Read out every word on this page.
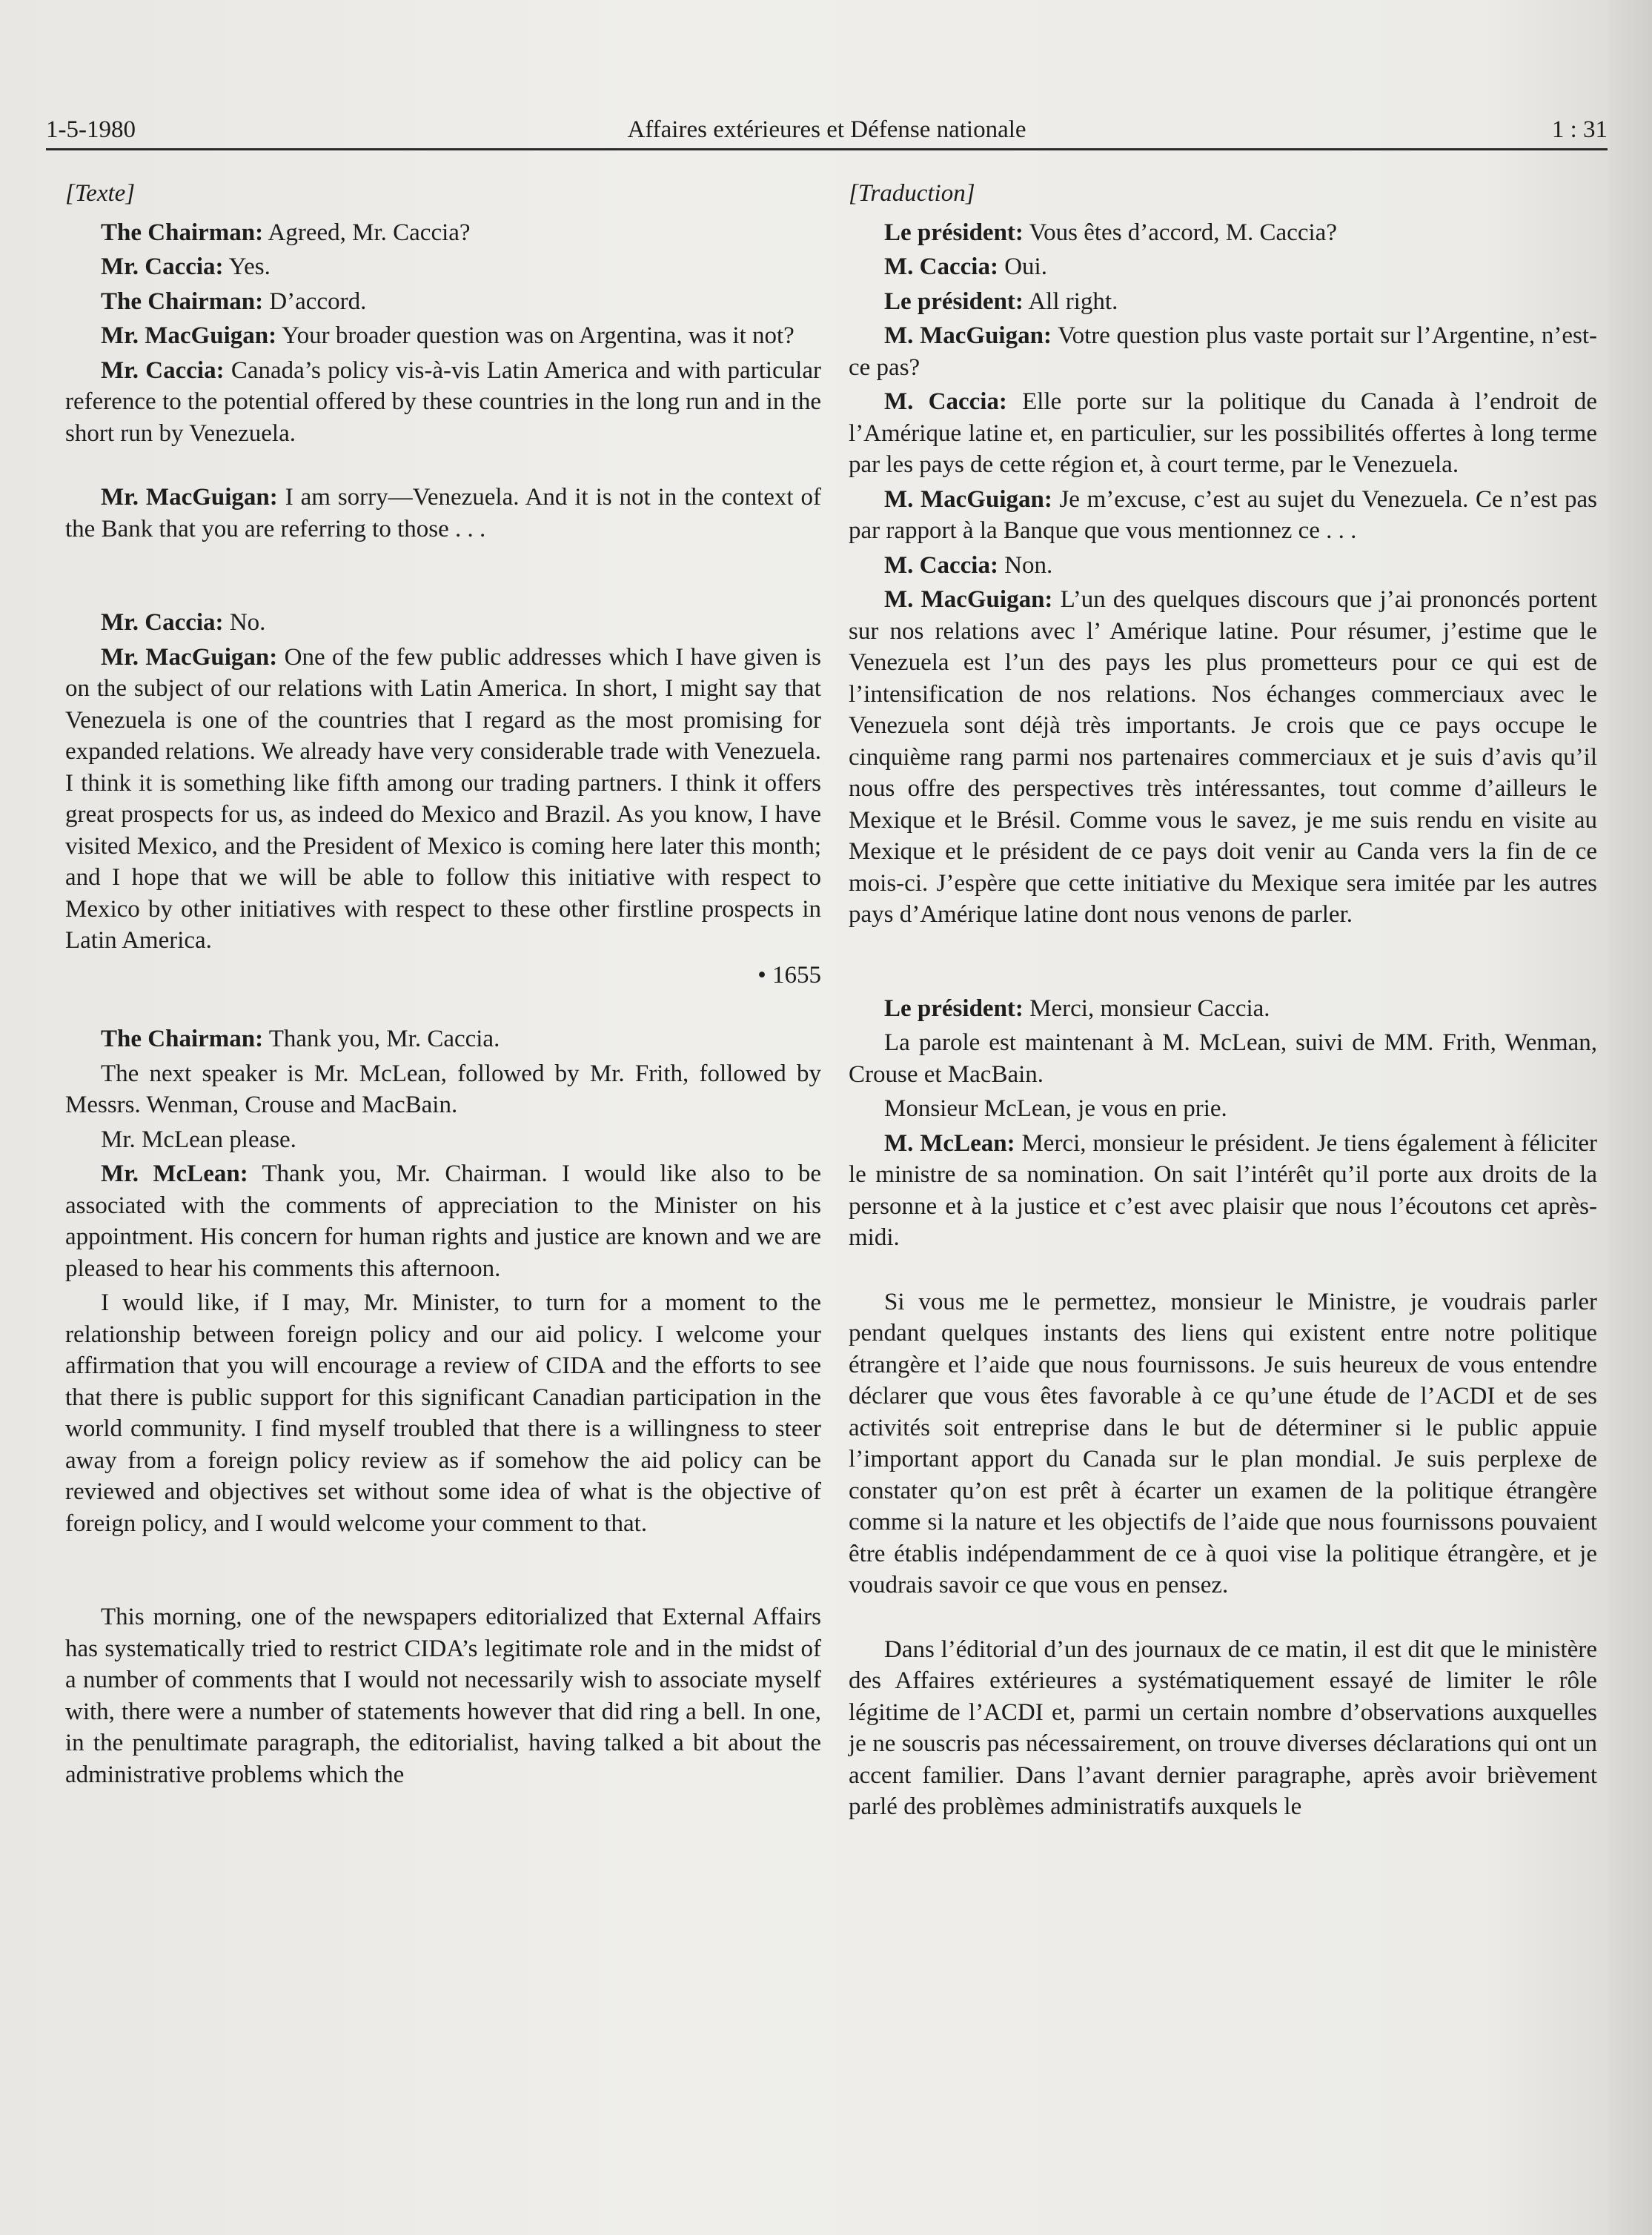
1-5-1980	Affaires extérieures et Défense nationale	1 : 31

[Texte]

The Chairman: Agreed, Mr. Caccia?

Mr. Caccia: Yes.

The Chairman: D’accord.

Mr. MacGuigan: Your broader question was on Argentina, was it not?

Mr. Caccia: Canada’s policy vis-à-vis Latin America and with particular reference to the potential offered by these countries in the long run and in the short run by Venezuela.

Mr. MacGuigan: I am sorry—Venezuela. And it is not in the context of the Bank that you are referring to those . . .

Mr. Caccia: No.

Mr. MacGuigan: One of the few public addresses which I have given is on the subject of our relations with Latin America. In short, I might say that Venezuela is one of the countries that I regard as the most promising for expanded relations. We already have very considerable trade with Venezuela. I think it is something like fifth among our trading partners. I think it offers great prospects for us, as indeed do Mexico and Brazil. As you know, I have visited Mexico, and the President of Mexico is coming here later this month; and I hope that we will be able to follow this initiative with respect to Mexico by other initiatives with respect to these other firstline prospects in Latin America.

• 1655

The Chairman: Thank you, Mr. Caccia.

The next speaker is Mr. McLean, followed by Mr. Frith, followed by Messrs. Wenman, Crouse and MacBain.

Mr. McLean please.

Mr. McLean: Thank you, Mr. Chairman. I would like also to be associated with the comments of appreciation to the Minister on his appointment. His concern for human rights and justice are known and we are pleased to hear his comments this afternoon.

I would like, if I may, Mr. Minister, to turn for a moment to the relationship between foreign policy and our aid policy. I welcome your affirmation that you will encourage a review of CIDA and the efforts to see that there is public support for this significant Canadian participation in the world community. I find myself troubled that there is a willingness to steer away from a foreign policy review as if somehow the aid policy can be reviewed and objectives set without some idea of what is the objective of foreign policy, and I would welcome your comment to that.

This morning, one of the newspapers editorialized that External Affairs has systematically tried to restrict CIDA’s legitimate role and in the midst of a number of comments that I would not necessarily wish to associate myself with, there were a number of statements however that did ring a bell. In one, in the penultimate paragraph, the editorialist, having talked a bit about the administrative problems which the

[Traduction]

Le président: Vous êtes d’accord, M. Caccia?

M. Caccia: Oui.

Le président: All right.

M. MacGuigan: Votre question plus vaste portait sur l’Argentine, n’est-ce pas?

M. Caccia: Elle porte sur la politique du Canada à l’endroit de l’Amérique latine et, en particulier, sur les possibilités offertes à long terme par les pays de cette région et, à court terme, par le Venezuela.

M. MacGuigan: Je m’excuse, c’est au sujet du Venezuela. Ce n’est pas par rapport à la Banque que vous mentionnez ce . . .

M. Caccia: Non.

M. MacGuigan: L’un des quelques discours que j’ai prononcés portent sur nos relations avec l’ Amérique latine. Pour résumer, j’estime que le Venezuela est l’un des pays les plus prometteurs pour ce qui est de l’intensification de nos relations. Nos échanges commerciaux avec le Venezuela sont déjà très importants. Je crois que ce pays occupe le cinquième rang parmi nos partenaires commerciaux et je suis d’avis qu’il nous offre des perspectives très intéressantes, tout comme d’ailleurs le Mexique et le Brésil. Comme vous le savez, je me suis rendu en visite au Mexique et le président de ce pays doit venir au Canda vers la fin de ce mois-ci. J’espère que cette initiative du Mexique sera imitée par les autres pays d’Amérique latine dont nous venons de parler.

Le président: Merci, monsieur Caccia.

La parole est maintenant à M. McLean, suivi de MM. Frith, Wenman, Crouse et MacBain.

Monsieur McLean, je vous en prie.

M. McLean: Merci, monsieur le président. Je tiens également à féliciter le ministre de sa nomination. On sait l’intérêt qu’il porte aux droits de la personne et à la justice et c’est avec plaisir que nous l’écoutons cet après-midi.

Si vous me le permettez, monsieur le Ministre, je voudrais parler pendant quelques instants des liens qui existent entre notre politique étrangère et l’aide que nous fournissons. Je suis heureux de vous entendre déclarer que vous êtes favorable à ce qu’une étude de l’ACDI et de ses activités soit entreprise dans le but de déterminer si le public appuie l’important apport du Canada sur le plan mondial. Je suis perplexe de constater qu’on est prêt à écarter un examen de la politique étrangère comme si la nature et les objectifs de l’aide que nous fournissons pouvaient être établis indépendamment de ce à quoi vise la politique étrangère, et je voudrais savoir ce que vous en pensez.

Dans l’éditorial d’un des journaux de ce matin, il est dit que le ministère des Affaires extérieures a systématiquement essayé de limiter le rôle légitime de l’ACDI et, parmi un certain nombre d’observations auxquelles je ne souscris pas nécessairement, on trouve diverses déclarations qui ont un accent familier. Dans l’avant dernier paragraphe, après avoir brièvement parlé des problèmes administratifs auxquels le
